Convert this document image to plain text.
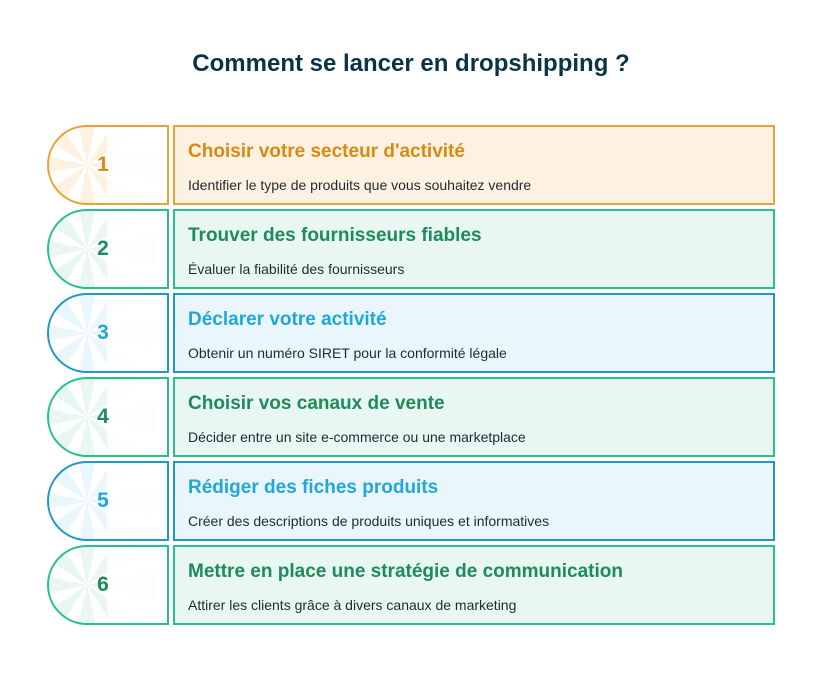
Comment se lancer en dropshipping ?
1
Choisir votre secteur d'activité
Identifier le type de produits que vous souhaitez vendre
2
Trouver des fournisseurs fiables
Évaluer la fiabilité des fournisseurs
3
Déclarer votre activité
Obtenir un numéro SIRET pour la conformité légale
4
Choisir vos canaux de vente
Décider entre un site e-commerce ou une marketplace
5
Rédiger des fiches produits
Créer des descriptions de produits uniques et informatives
6
Mettre en place une stratégie de communication
Attirer les clients grâce à divers canaux de marketing
